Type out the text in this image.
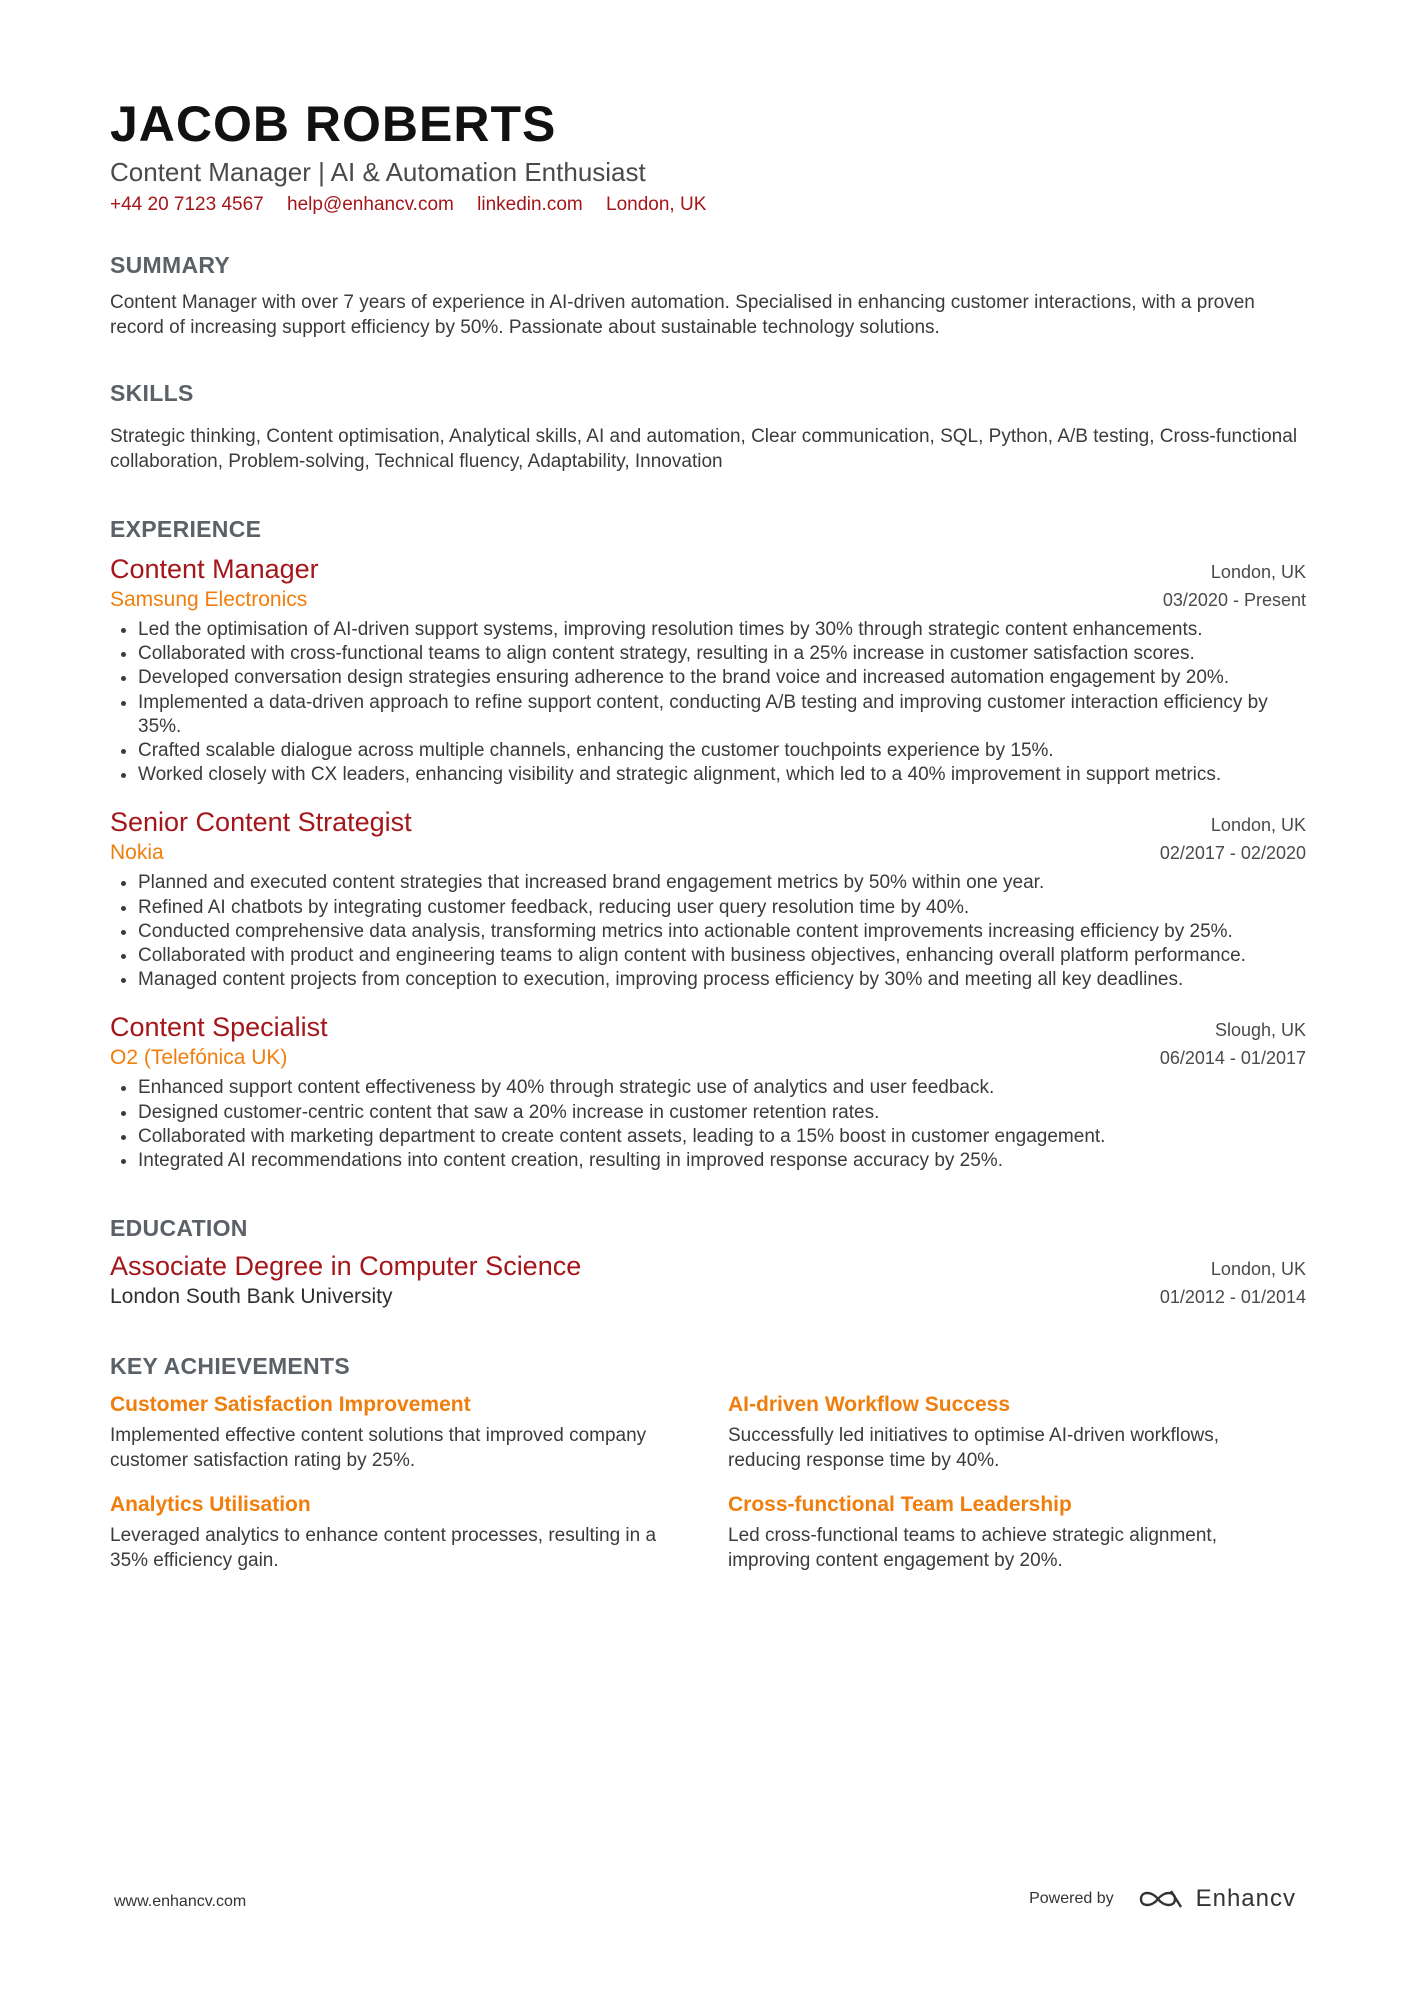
JACOB ROBERTS
Content Manager | AI & Automation Enthusiast
+44 20 7123 4567 help@enhancv.com linkedin.com London, UK
SUMMARY
Content Manager with over 7 years of experience in AI-driven automation. Specialised in enhancing customer interactions, with a proven record of increasing support efficiency by 50%. Passionate about sustainable technology solutions.
SKILLS
Strategic thinking, Content optimisation, Analytical skills, AI and automation, Clear communication, SQL, Python, A/B testing, Cross-functional collaboration, Problem-solving, Technical fluency, Adaptability, Innovation
EXPERIENCE
Content Manager	London, UK
Samsung Electronics	03/2020 - Present
• Led the optimisation of AI-driven support systems, improving resolution times by 30% through strategic content enhancements.
• Collaborated with cross-functional teams to align content strategy, resulting in a 25% increase in customer satisfaction scores.
• Developed conversation design strategies ensuring adherence to the brand voice and increased automation engagement by 20%.
• Implemented a data-driven approach to refine support content, conducting A/B testing and improving customer interaction efficiency by 35%.
• Crafted scalable dialogue across multiple channels, enhancing the customer touchpoints experience by 15%.
• Worked closely with CX leaders, enhancing visibility and strategic alignment, which led to a 40% improvement in support metrics.
Senior Content Strategist	London, UK
Nokia	02/2017 - 02/2020
• Planned and executed content strategies that increased brand engagement metrics by 50% within one year.
• Refined AI chatbots by integrating customer feedback, reducing user query resolution time by 40%.
• Conducted comprehensive data analysis, transforming metrics into actionable content improvements increasing efficiency by 25%.
• Collaborated with product and engineering teams to align content with business objectives, enhancing overall platform performance.
• Managed content projects from conception to execution, improving process efficiency by 30% and meeting all key deadlines.
Content Specialist	Slough, UK
O2 (Telefónica UK)	06/2014 - 01/2017
• Enhanced support content effectiveness by 40% through strategic use of analytics and user feedback.
• Designed customer-centric content that saw a 20% increase in customer retention rates.
• Collaborated with marketing department to create content assets, leading to a 15% boost in customer engagement.
• Integrated AI recommendations into content creation, resulting in improved response accuracy by 25%.
EDUCATION
Associate Degree in Computer Science	London, UK
London South Bank University	01/2012 - 01/2014
KEY ACHIEVEMENTS
Customer Satisfaction Improvement
Implemented effective content solutions that improved company customer satisfaction rating by 25%.
AI-driven Workflow Success
Successfully led initiatives to optimise AI-driven workflows, reducing response time by 40%.
Analytics Utilisation
Leveraged analytics to enhance content processes, resulting in a 35% efficiency gain.
Cross-functional Team Leadership
Led cross-functional teams to achieve strategic alignment, improving content engagement by 20%.
www.enhancv.com	Powered by	Enhancv
